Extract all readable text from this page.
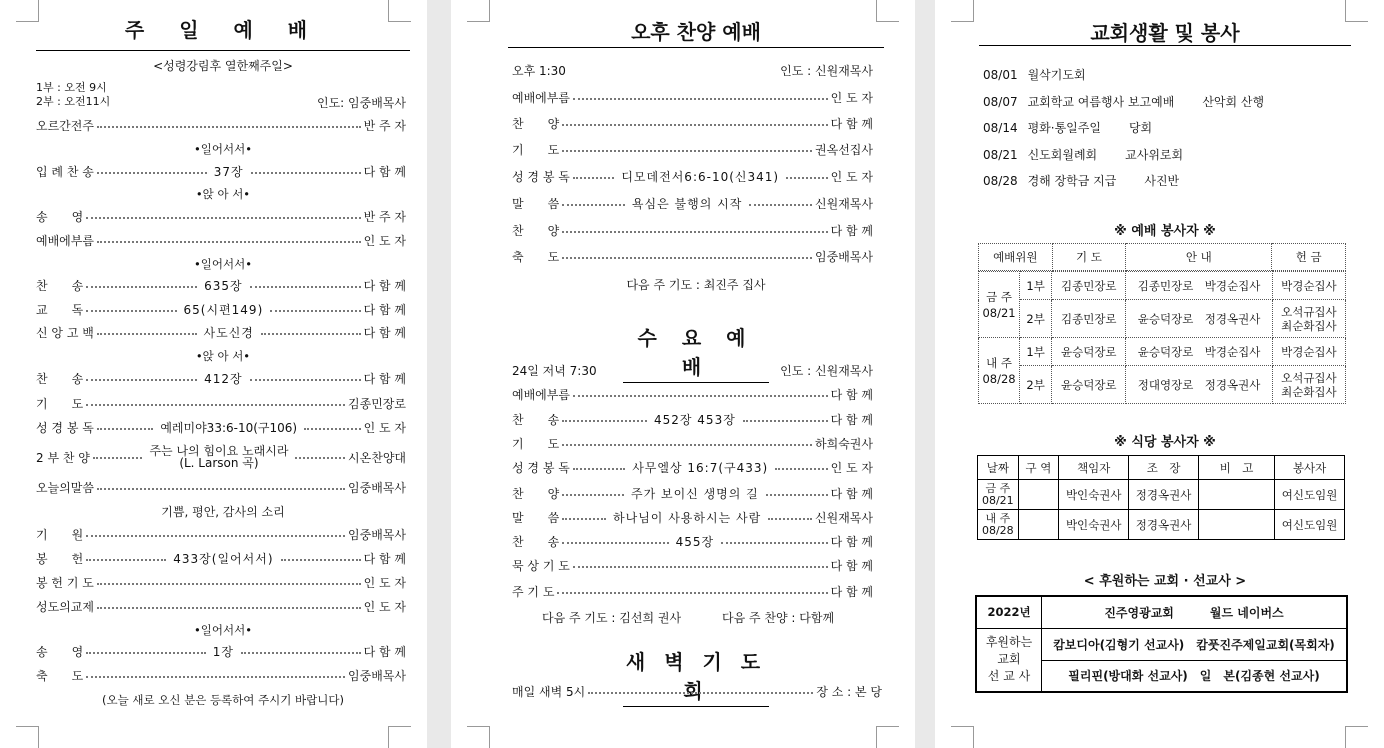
주 일 예 배
<성령강림후 열한째주일>
1부 : 오전 9시
2부 : 오전11시	인도: 임중배목사
오르간전주	반 주 자
•일어서서•
입 례 찬 송	37장	다 함 께
•앉 아 서•
송　　영	반 주 자
예배에부름	인 도 자
•일어서서•
찬　　송	635장	다 함 께
교　　독	65(시편149)	다 함 께
신 앙 고 백	사도신경	다 함 께
•앉 아 서•
찬　　송	412장	다 함 께
기　　도	김종민장로
성 경 봉 독	예레미야33:6-10(구106)	인 도 자
2 부 찬 양	주는 나의 힘이요 노래시라
(L. Larson 곡)	시온찬양대
오늘의말씀	임중배목사
기쁨, 평안, 감사의 소리
기　　원	임중배목사
봉　　헌	433장(일어서서)	다 함 께
봉 헌 기 도	인 도 자
성도의교제	인 도 자
•일어서서•
송　　영	1장	다 함 께
축　　도	임중배목사
(오늘 새로 오신 분은 등록하여 주시기 바랍니다)
오후 찬양 예배
오후 1:30	인도 : 신원재목사
예배에부름	인 도 자
찬　　양	다 함 께
기　　도	권옥선집사
성 경 봉 독	디모데전서6:6-10(신341)	인 도 자
말　　씀	욕심은 불행의 시작	신원재목사
찬　　양	다 함 께
축　　도	임중배목사
다음 주 기도 : 최진주 집사
수 요 예 배
24일 저녁 7:30	인도 : 신원재목사
예배에부름	다 함 께
찬　　송	452장 453장	다 함 께
기　　도	하희숙권사
성 경 봉 독	사무엘상 16:7(구433)	인 도 자
찬　　양	주가 보이신 생명의 길	다 함 께
말　　씀	하나님이 사용하시는 사람	신원재목사
찬　　송	455장	다 함 께
묵 상 기 도	다 함 께
주 기 도	다 함 께
다음 주 기도 : 김선희 권사	다음 주 찬양 : 다함께
새 벽 기 도 회
매일 새벽 5시	장 소 : 본 당
교회생활 및 봉사
08/01 월삭기도회
08/07 교회학교 여름행사 보고예배 산악회 산행
08/14 평화·통일주일 당회
08/21 신도회월례회 교사위로회
08/28 경해 장학금 지급 사진반
※ 예배 봉사자 ※
예배위원	기 도	안 내	헌 금
금 주
08/21	1부	김종민장로	김종민장로　박경순집사	박경순집사
	2부	김종민장로	윤승덕장로　정경옥권사	오석규집사
최순화집사
내 주
08/28	1부	윤승덕장로	윤승덕장로　박경순집사	박경순집사
	2부	윤승덕장로	정대영장로　정경옥권사	오석규집사
최순화집사
※ 식당 봉사자 ※
날짜	구 역	책임자	조　장	비　고	봉사자
금 주
08/21		박인숙권사	정경옥권사		여신도임원
내 주
08/28		박인숙권사	정경옥권사		여신도임원
< 후원하는 교회 · 선교사 >
2022년	진주영광교회　　　 월드 네이버스
후원하는
교회
선 교 사	캄보디아(김형기 선교사)　 캄풋진주제일교회(목회자)
	필리핀(방대화 선교사)　 일　본(김종현 선교사)
